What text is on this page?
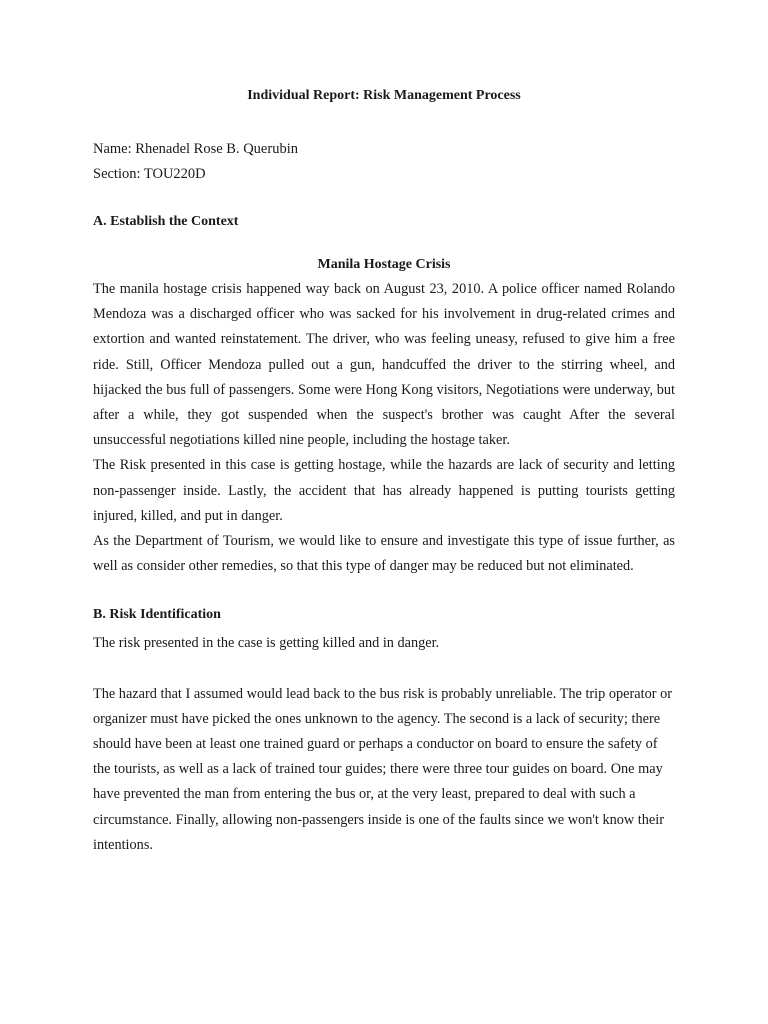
Individual Report: Risk Management Process

Name: Rhenadel Rose B. Querubin

Section: TOU220D

A. Establish the Context

Manila Hostage Crisis

The manila hostage crisis happened way back on August 23, 2010. A police officer named Rolando Mendoza was a discharged officer who was sacked for his involvement in drug-related crimes and extortion and wanted reinstatement. The driver, who was feeling uneasy, refused to give him a free ride. Still, Officer Mendoza pulled out a gun, handcuffed the driver to the stirring wheel, and hijacked the bus full of passengers. Some were Hong Kong visitors, Negotiations were underway, but after a while, they got suspended when the suspect's brother was caught After the several unsuccessful negotiations killed nine people, including the hostage taker.

The Risk presented in this case is getting hostage, while the hazards are lack of security and letting non-passenger inside. Lastly, the accident that has already happened is putting tourists getting injured, killed, and put in danger.

As the Department of Tourism, we would like to ensure and investigate this type of issue further, as well as consider other remedies, so that this type of danger may be reduced but not eliminated.

B. Risk Identification

The risk presented in the case is getting killed and in danger.

The hazard that I assumed would lead back to the bus risk is probably unreliable. The trip operator or organizer must have picked the ones unknown to the agency. The second is a lack of security; there should have been at least one trained guard or perhaps a conductor on board to ensure the safety of the tourists, as well as a lack of trained tour guides; there were three tour guides on board. One may have prevented the man from entering the bus or, at the very least, prepared to deal with such a circumstance. Finally, allowing non-passengers inside is one of the faults since we won't know their intentions.
